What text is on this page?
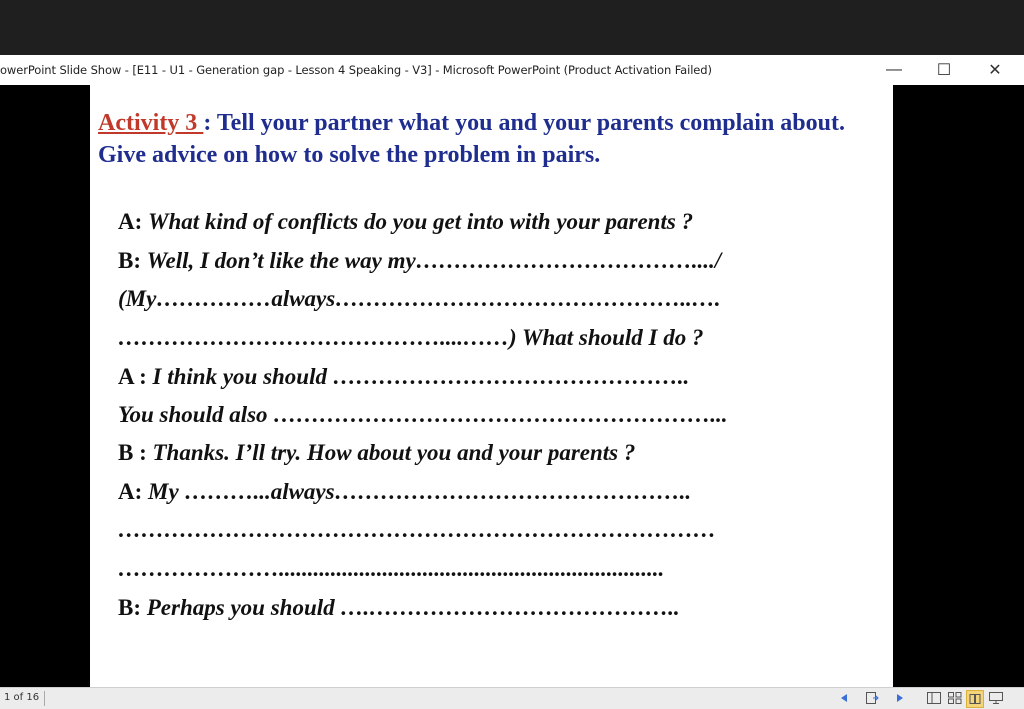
owerPoint Slide Show - [E11 - U1 - Generation gap - Lesson 4 Speaking - V3] - Microsoft PowerPoint (Product Activation Failed)	— ☐ ✕
Activity 3 : Tell your partner what you and your parents complain about. Give advice on how to solve the problem in pairs.
A: What kind of conflicts do you get into with your parents ?
B: Well, I don’t like the way my………………………………..../
(My……………always………………………………………..….
……………………………………....……) What should I do ?
A : I think you should ………………………………………..
You should also …………………………………………………...
B : Thanks. I’ll try. How about you and your parents ?
A: My ………...always………………………………………..
……………………………………………………………………
…………………...................................................................
B: Perhaps you should ….…………………………………..
1 of 16
